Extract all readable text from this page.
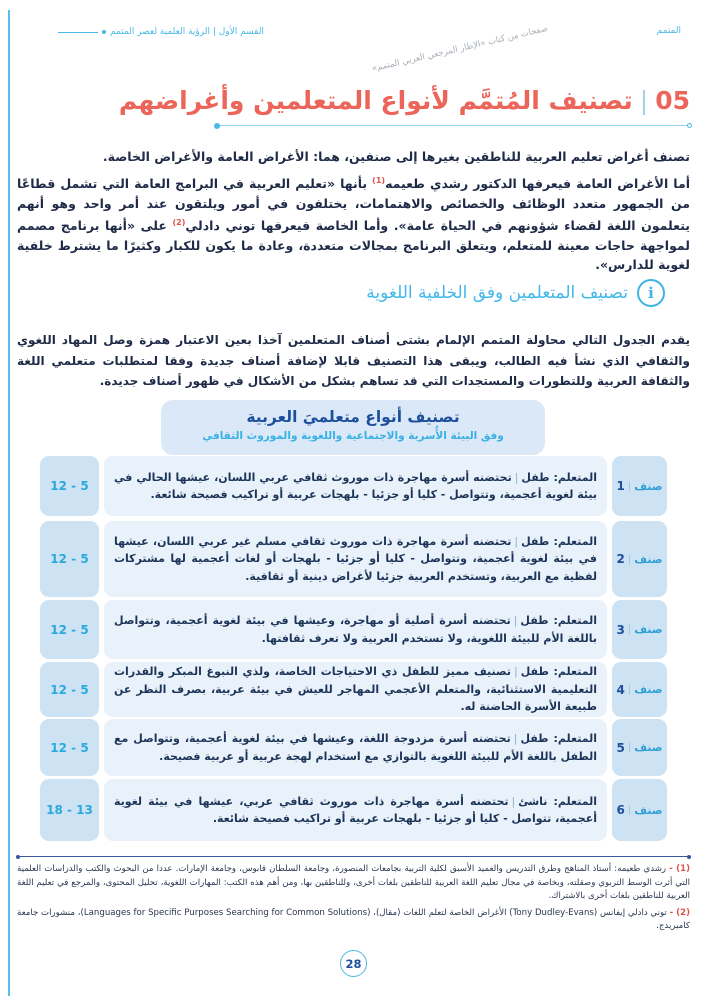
المتمم
القسم الأول | الرؤية العلمية لعصر المتمم	صفحات من كتاب «الإطار المرجعي العربي المتمم»
05|تصنيف المُتمَّم لأنواع المتعلمين وأغراضهم

تصنف أغراض تعليم العربية للناطقين بغيرها إلى صنفين، هما: الأغراض العامة والأغراض الخاصة.

أما الأغراض العامة فيعرفها الدكتور رشدي طعيمه$^{(1)}$ بأنها «تعليم العربية في البرامج العامة التي تشمل قطاعًا من الجمهور متعدد الوظائف والخصائص والاهتمامات، يختلفون في أمور ويلتقون عند أمر واحد وهو أنهم يتعلمون اللغة لقضاء شؤونهم في الحياة عامة». وأما الخاصة فيعرفها توني دادلي$^{(2)}$ على «أنها برنامج مصمم لمواجهة حاجات معينة للمتعلم، ويتعلق البرنامج بمجالات متعددة، وعادة ما يكون للكبار وكثيرًا ما يشترط خلفية لغوية للدارس».

i
تصنيف المتعلمين وفق الخلفية اللغوية

يقدم الجدول التالي محاولة المتمم الإلمام بشتى أصناف المتعلمين آخذا بعين الاعتبار همزة وصل المهاد اللغوي والثقافي الذي نشأ فيه الطالب، ويبقى هذا التصنيف قابلا لإضافة أصناف جديدة وفقا لمتطلبات متعلمي اللغة والثقافة العربية وللتطورات والمستجدات التي قد تساهم بشكل من الأشكال في ظهور أصناف جديدة.

تصنيف أنواع متعلميَ العربية
وفق البيئة الأُسرية والاجتماعية واللغوية والموروث الثقافي
صنف
|
1

المتعلم: طفل|تحتضنه أسرة مهاجرة ذات موروث ثقافي عربي اللسان، عيشها الحالي في بيئة لغوية أعجمية، وتتواصل - كليا أو جزئيا - بلهجات عربية أو تراكيب فصيحة شائعة.

5 - 12
صنف
|
2

المتعلم: طفل|تحتضنه أسرة مهاجرة ذات موروث ثقافي مسلم غير عربي اللسان، عيشها في بيئة لغوية أعجمية، وتتواصل - كليا أو جزئيا - بلهجات أو لغات أعجمية لها مشتركات لفظية مع العربية، وتستخدم العربية جزئيا لأغراض دينية أو ثقافية.

5 - 12
صنف
|
3

المتعلم: طفل|تحتضنه أسرة أصلية أو مهاجرة، وعيشها في بيئة لغوية أعجمية، وتتواصل باللغة الأم للبيئة اللغوية، ولا تستخدم العربية ولا تعرف ثقافتها.

5 - 12
صنف
|
4

المتعلم: طفل|تصنيف مميز للطفل ذي الاحتياجات الخاصة، ولذي النبوغ المبكر والقدرات التعليمية الاستثنائية، والمتعلم الأعجمي المهاجر للعيش في بيئة عربية، بصرف النظر عن طبيعة الأسرة الحاضنة له.

5 - 12
صنف
|
5

المتعلم: طفل|تحتضنه أسرة مزدوجة اللغة، وعيشها في بيئة لغوية أعجمية، وتتواصل مع الطفل باللغة الأم للبيئة اللغوية بالتوازي مع استخدام لهجة عربية أو عربية فصيحة.

5 - 12
صنف
|
6

المتعلم: ناشئ|تحتضنه أسرة مهاجرة ذات موروث ثقافي عربي، عيشها في بيئة لغوية أعجمية، تتواصل - كليا أو جزئيا - بلهجات عربية أو تراكيب فصيحة شائعة.

13 - 18

(1) - رشدي طعيمه: أستاذ المناهج وطرق التدريس والعميد الأسبق لكلية التربية بجامعات المنصورة، وجامعة السلطان قابوس، وجامعة الإمارات. عددا من البحوث والكتب والدراسات العلمية التي أثرت الوسط التربوي وصقلته، وبخاصة في مجال تعليم اللغة العربية للناطقين بلغات أخرى، وللناطقين بها، ومن أهم هذه الكتب: المهارات اللغوية، تحليل المحتوى، والمرجع في تعليم اللغة العربية للناطقين بلغات أخرى بالاشتراك.

(2) - توني دادلي إيفانس (Tony Dudley-Evans) الأغراض الخاصة لتعلم اللغات (مقال)، (Languages for Specific Purposes Searching for Common Solutions)، منشورات جامعة كامبريدج.

28
